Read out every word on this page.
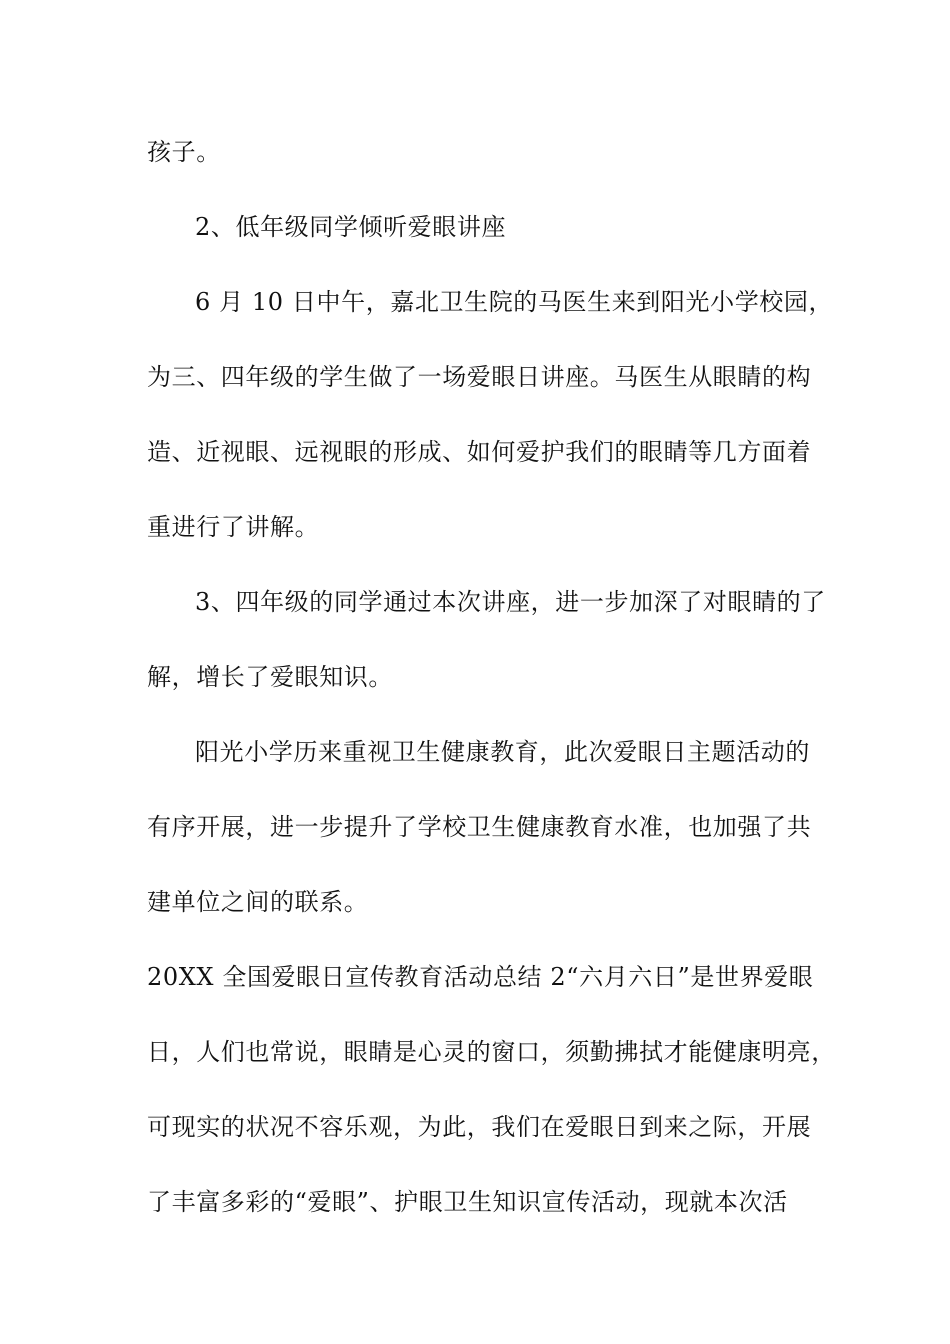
孩子。
2、低年级同学倾听爱眼讲座
6 月 10 日中午，嘉北卫生院的马医生来到阳光小学校园，
为三、四年级的学生做了一场爱眼日讲座。马医生从眼睛的构
造、近视眼、远视眼的形成、如何爱护我们的眼睛等几方面着
重进行了讲解。
3、四年级的同学通过本次讲座，进一步加深了对眼睛的了
解，增长了爱眼知识。
阳光小学历来重视卫生健康教育，此次爱眼日主题活动的
有序开展，进一步提升了学校卫生健康教育水准，也加强了共
建单位之间的联系。
20XX 全国爱眼日宣传教育活动总结 2“六月六日”是世界爱眼
日，人们也常说，眼睛是心灵的窗口，须勤拂拭才能健康明亮，
可现实的状况不容乐观，为此，我们在爱眼日到来之际，开展
了丰富多彩的“爱眼”、护眼卫生知识宣传活动，现就本次活
